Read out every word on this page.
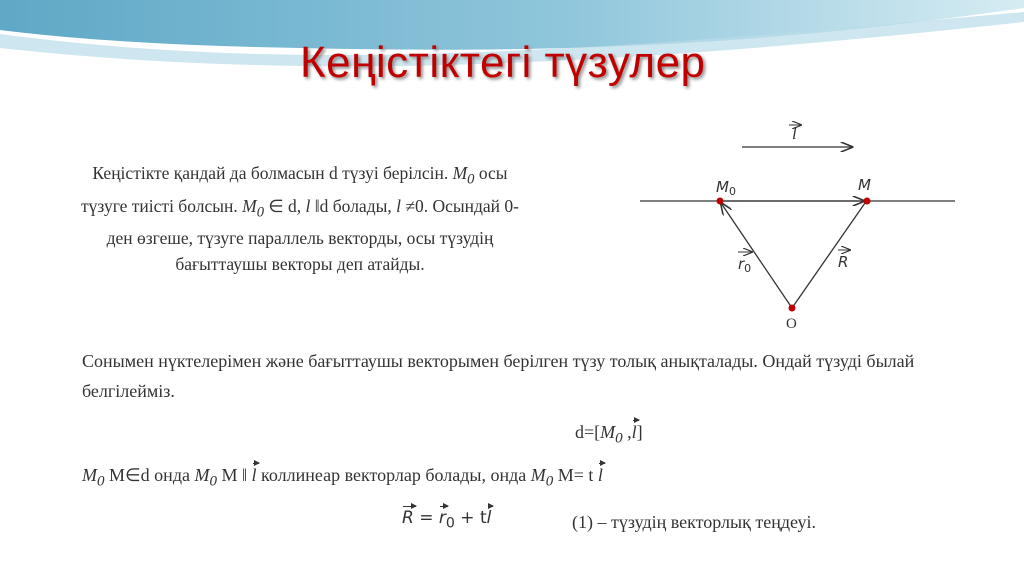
Кеңістіктегі түзулер
Кеңістікте қандай да болмасын d түзуі берілсін. $M_0$ осы түзуге тиісті болсын. $M_0$ ∈ d, l ǁd болады, l ≠0. Осындай 0-ден өзгеше, түзуге параллель векторды, осы түзудің бағыттаушы векторы деп атайды.
l
$M_0$	M
$r_0$	R
O
Сонымен нүктелерімен және бағыттаушы векторымен берілген түзу толық анықталады. Ондай түзуді былай белгілейміз.
$d=[M_0$ ,l]
$M_0$ M∈d онда $M_0$ M ǁ l коллинеар векторлар болады, онда $M_0$ M= t l
$R = r_0$ + tl	(1) – түзудің векторлық теңдеуі.
